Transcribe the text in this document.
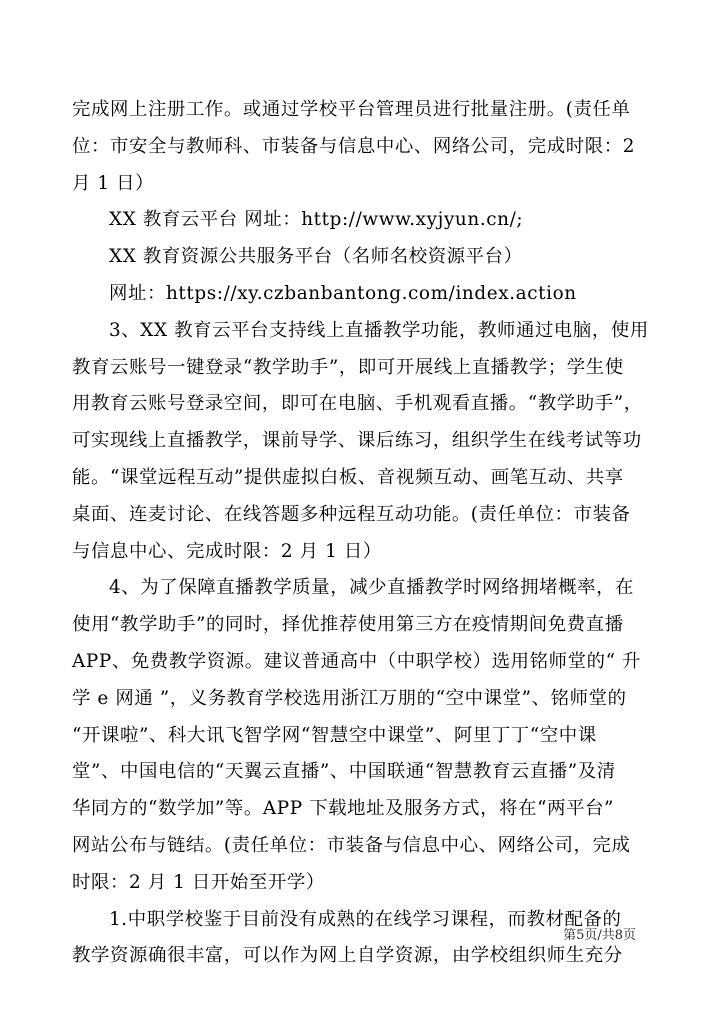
完成网上注册工作。或通过学校平台管理员进行批量注册。(责任单
位：市安全与教师科、市装备与信息中心、网络公司，完成时限：2
月 1 日）
XX 教育云平台 网址：http://www.xyjyun.cn/;
XX 教育资源公共服务平台（名师名校资源平台）
网址：https://xy.czbanbantong.com/index.action
3、XX 教育云平台支持线上直播教学功能，教师通过电脑，使用
教育云账号一键登录“教学助手”，即可开展线上直播教学；学生使
用教育云账号登录空间，即可在电脑、手机观看直播。“教学助手”，
可实现线上直播教学，课前导学、课后练习，组织学生在线考试等功
能。“课堂远程互动”提供虚拟白板、音视频互动、画笔互动、共享
桌面、连麦讨论、在线答题多种远程互动功能。(责任单位：市装备
与信息中心、完成时限：2 月 1 日）
4、为了保障直播教学质量，减少直播教学时网络拥堵概率，在
使用“教学助手”的同时，择优推荐使用第三方在疫情期间免费直播
APP、免费教学资源。建议普通高中（中职学校）选用铭师堂的“ 升
学 e 网通 ”，义务教育学校选用浙江万朋的“空中课堂”、铭师堂的
“开课啦”、科大讯飞智学网“智慧空中课堂”、阿里丁丁“空中课
堂”、中国电信的“天翼云直播”、中国联通“智慧教育云直播”及清
华同方的“数学加”等。APP 下载地址及服务方式，将在“两平台”
网站公布与链结。(责任单位：市装备与信息中心、网络公司，完成
时限：2 月 1 日开始至开学）
1.中职学校鉴于目前没有成熟的在线学习课程，而教材配备的
教学资源确很丰富，可以作为网上自学资源，由学校组织师生充分
第5页/共8页
